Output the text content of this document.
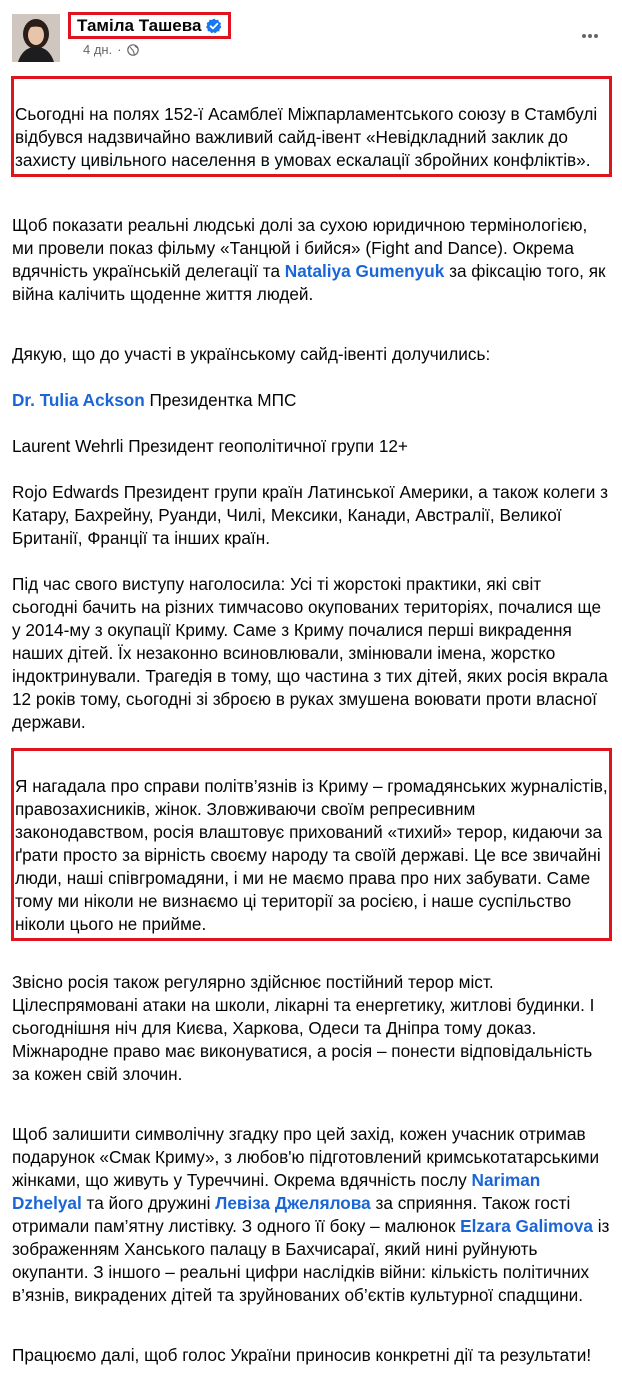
Таміла Ташева
4 дн. ·

Сьогодні на полях 152-ї Асамблеї Міжпарламентського союзу в Стамбулі відбувся надзвичайно важливий сайд-івент «Невідкладний заклик до захисту цивільного населення в умовах ескалації збройних конфліктів».

Щоб показати реальні людські долі за сухою юридичною термінологією, ми провели показ фільму «Танцюй і бийся» (Fight and Dance). Окрема вдячність українській делегації та Nataliya Gumenyuk за фіксацію того, як війна калічить щоденне життя людей.

Дякую, що до участі в українському сайд-івенті долучились:

Dr. Tulia Ackson Президентка МПС

Laurent Wehrli Президент геополітичної групи 12+

Rojo Edwards Президент групи країн Латинської Америки, а також колеги з Катару, Бахрейну, Руанди, Чилі, Мексики, Канади, Австралії, Великої Британії, Франції та інших країн.

Під час свого виступу наголосила: Усі ті жорстокі практики, які світ сьогодні бачить на різних тимчасово окупованих територіях, почалися ще у 2014-му з окупації Криму. Саме з Криму почалися перші викрадення наших дітей. Їх незаконно всиновлювали, змінювали імена, жорстко індоктринували. Трагедія в тому, що частина з тих дітей, яких росія вкрала 12 років тому, сьогодні зі зброєю в руках змушена воювати проти власної держави.

Я нагадала про справи політв’язнів із Криму – громадянських журналістів, правозахисників, жінок. Зловживаючи своїм репресивним законодавством, росія влаштовує прихований «тихий» терор, кидаючи за ґрати просто за вірність своєму народу та своїй державі. Це все звичайні люди, наші співгромадяни, і ми не маємо права про них забувати. Саме тому ми ніколи не визнаємо ці території за росією, і наше суспільство ніколи цього не прийме.

Звісно росія також регулярно здійснює постійний терор міст. Цілеспрямовані атаки на школи, лікарні та енергетику, житлові будинки. І сьогоднішня ніч для Києва, Харкова, Одеси та Дніпра тому доказ. Міжнародне право має виконуватися, а росія – понести відповідальність за кожен свій злочин.

Щоб залишити символічну згадку про цей захід, кожен учасник отримав подарунок «Смак Криму», з любов'ю підготовлений кримськотатарськими жінками, що живуть у Туреччині. Окрема вдячність послу Nariman Dzhelyal та його дружині Левіза Джелялова за сприяння. Також гості отримали пам’ятну листівку. З одного її боку – малюнок Elzara Galimova із зображенням Ханського палацу в Бахчисараї, який нині руйнують окупанти. З іншого – реальні цифри наслідків війни: кількість політичних в’язнів, викрадених дітей та зруйнованих об’єктів культурної спадщини.

Працюємо далі, щоб голос України приносив конкретні дії та результати!
